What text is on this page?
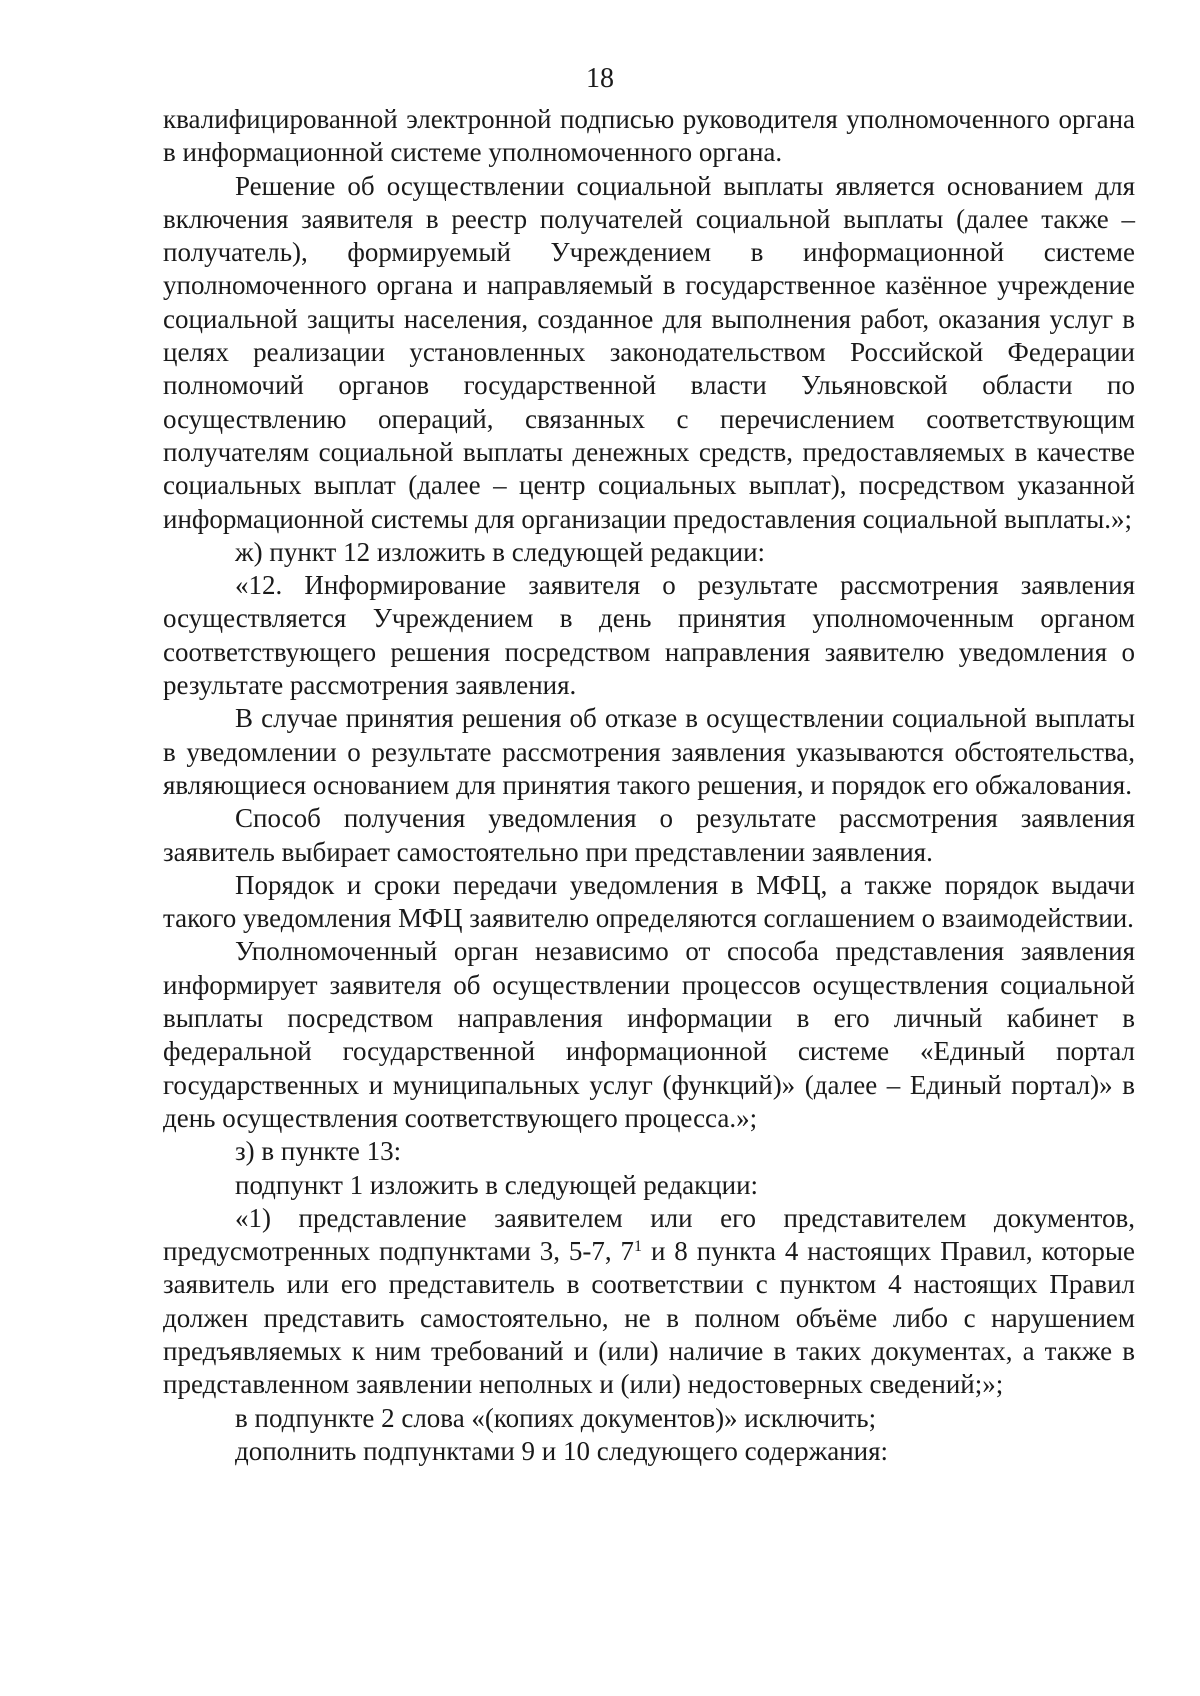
18

квалифицированной электронной подписью руководителя уполномоченного органа в информационной системе уполномоченного органа.

Решение об осуществлении социальной выплаты является основанием для включения заявителя в реестр получателей социальной выплаты (далее также – получатель), формируемый Учреждением в информационной системе уполномоченного органа и направляемый в государственное казённое учреждение социальной защиты населения, созданное для выполнения работ, оказания услуг в целях реализации установленных законодательством Российской Федерации полномочий органов государственной власти Ульяновской области по осуществлению операций, связанных с перечислением соответствующим получателям социальной выплаты денежных средств, предоставляемых в качестве социальных выплат (далее – центр социальных выплат), посредством указанной информационной системы для организации предоставления социальной выплаты.»;

ж) пункт 12 изложить в следующей редакции:

«12. Информирование заявителя о результате рассмотрения заявления осуществляется Учреждением в день принятия уполномоченным органом соответствующего решения посредством направления заявителю уведомления о результате рассмотрения заявления.

В случае принятия решения об отказе в осуществлении социальной выплаты в уведомлении о результате рассмотрения заявления указываются обстоятельства, являющиеся основанием для принятия такого решения, и порядок его обжалования.

Способ получения уведомления о результате рассмотрения заявления заявитель выбирает самостоятельно при представлении заявления.

Порядок и сроки передачи уведомления в МФЦ, а также порядок выдачи такого уведомления МФЦ заявителю определяются соглашением о взаимодействии.

Уполномоченный орган независимо от способа представления заявления информирует заявителя об осуществлении процессов осуществления социальной выплаты посредством направления информации в его личный кабинет в федеральной государственной информационной системе «Единый портал государственных и муниципальных услуг (функций)» (далее – Единый портал)» в день осуществления соответствующего процесса.»;

з) в пункте 13:

подпункт 1 изложить в следующей редакции:

«1) представление заявителем или его представителем документов, предусмотренных подпунктами 3, 5-7, $7^1$ и 8 пункта 4 настоящих Правил, которые заявитель или его представитель в соответствии с пунктом 4 настоящих Правил должен представить самостоятельно, не в полном объёме либо с нарушением предъявляемых к ним требований и (или) наличие в таких документах, а также в представленном заявлении неполных и (или) недостоверных сведений;»;

в подпункте 2 слова «(копиях документов)» исключить;

дополнить подпунктами 9 и 10 следующего содержания:
